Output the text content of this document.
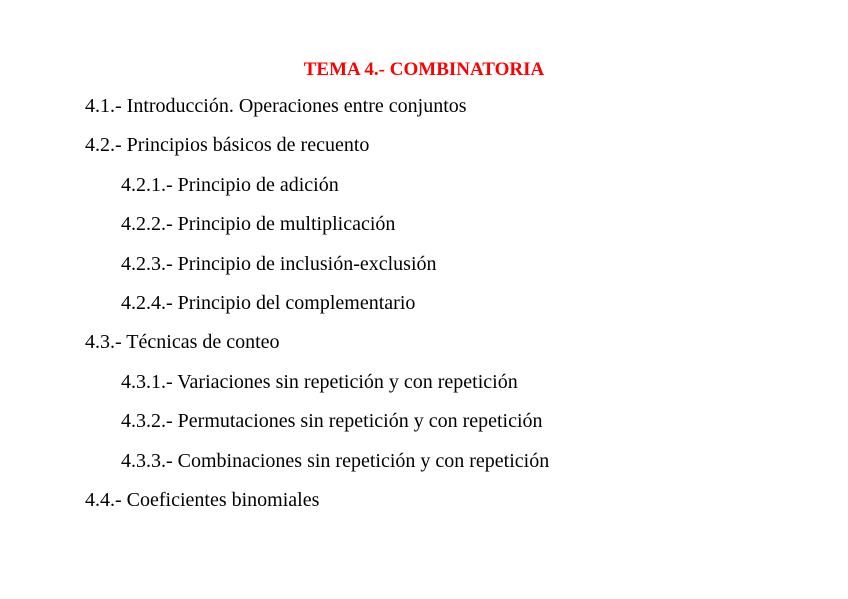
TEMA 4.- COMBINATORIA
4.1.- Introducción. Operaciones entre conjuntos
4.2.- Principios básicos de recuento
4.2.1.- Principio de adición
4.2.2.- Principio de multiplicación
4.2.3.- Principio de inclusión-exclusión
4.2.4.- Principio del complementario
4.3.- Técnicas de conteo
4.3.1.- Variaciones sin repetición y con repetición
4.3.2.- Permutaciones sin repetición y con repetición
4.3.3.- Combinaciones sin repetición y con repetición
4.4.- Coeficientes binomiales
